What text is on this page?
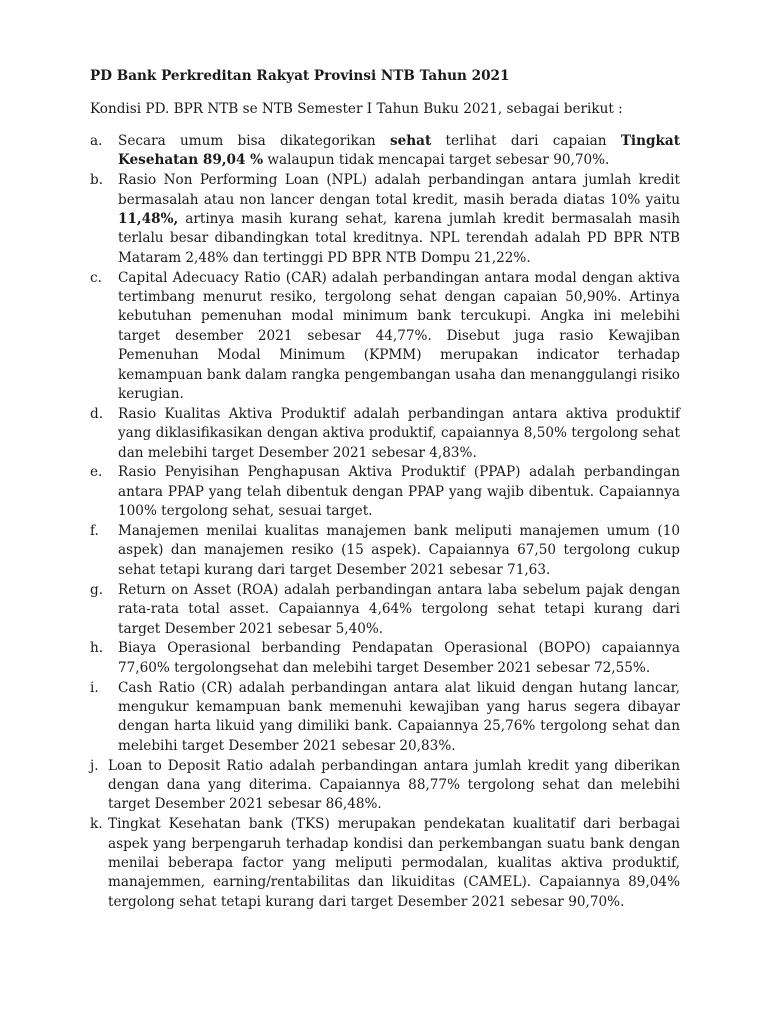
PD Bank Perkreditan Rakyat Provinsi NTB Tahun 2021
Kondisi PD. BPR NTB se NTB Semester I Tahun Buku 2021, sebagai berikut :
a.	Secara umum bisa dikategorikan sehat terlihat dari capaian Tingkat Kesehatan 89,04 % walaupun tidak mencapai target sebesar 90,70%.
b.	Rasio Non Performing Loan (NPL) adalah perbandingan antara jumlah kredit bermasalah atau non lancer dengan total kredit, masih berada diatas 10% yaitu 11,48%, artinya masih kurang sehat, karena jumlah kredit bermasalah masih terlalu besar dibandingkan total kreditnya. NPL terendah adalah PD BPR NTB Mataram 2,48% dan tertinggi PD BPR NTB Dompu 21,22%.
c.	Capital Adecuacy Ratio (CAR) adalah perbandingan antara modal dengan aktiva tertimbang menurut resiko, tergolong sehat dengan capaian 50,90%. Artinya kebutuhan pemenuhan modal minimum bank tercukupi. Angka ini melebihi target desember 2021 sebesar 44,77%. Disebut juga rasio Kewajiban Pemenuhan Modal Minimum (KPMM) merupakan indicator terhadap kemampuan bank dalam rangka pengembangan usaha dan menanggulangi risiko kerugian.
d.	Rasio Kualitas Aktiva Produktif adalah perbandingan antara aktiva produktif yang diklasifikasikan dengan aktiva produktif, capaiannya 8,50% tergolong sehat dan melebihi target Desember 2021 sebesar 4,83%.
e.	Rasio Penyisihan Penghapusan Aktiva Produktif (PPAP) adalah perbandingan antara PPAP yang telah dibentuk dengan PPAP yang wajib dibentuk. Capaiannya 100% tergolong sehat, sesuai target.
f.	Manajemen menilai kualitas manajemen bank meliputi manajemen umum (10 aspek) dan manajemen resiko (15 aspek). Capaiannya 67,50 tergolong cukup sehat tetapi kurang dari target Desember 2021 sebesar 71,63.
g.	Return on Asset (ROA) adalah perbandingan antara laba sebelum pajak dengan rata-rata total asset. Capaiannya 4,64% tergolong sehat tetapi kurang dari target Desember 2021 sebesar 5,40%.
h.	Biaya Operasional berbanding Pendapatan Operasional (BOPO) capaiannya 77,60% tergolongsehat dan melebihi target Desember 2021 sebesar 72,55%.
i.	Cash Ratio (CR) adalah perbandingan antara alat likuid dengan hutang lancar, mengukur kemampuan bank memenuhi kewajiban yang harus segera dibayar dengan harta likuid yang dimiliki bank. Capaiannya 25,76% tergolong sehat dan melebihi target Desember 2021 sebesar 20,83%.
j. Loan to Deposit Ratio adalah perbandingan antara jumlah kredit yang diberikan dengan dana yang diterima. Capaiannya 88,77% tergolong sehat dan melebihi target Desember 2021 sebesar 86,48%.
k. Tingkat Kesehatan bank (TKS) merupakan pendekatan kualitatif dari berbagai aspek yang berpengaruh terhadap kondisi dan perkembangan suatu bank dengan menilai beberapa factor yang meliputi permodalan, kualitas aktiva produktif, manajemmen, earning/rentabilitas dan likuiditas (CAMEL). Capaiannya 89,04% tergolong sehat tetapi kurang dari target Desember 2021 sebesar 90,70%.
